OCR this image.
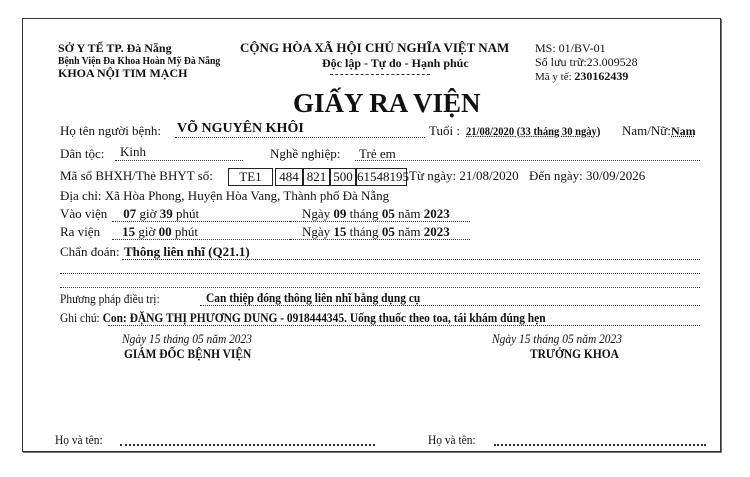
SỞ Y TẾ TP. Đà Nẵng
Bệnh Viện Đa Khoa Hoàn Mỹ Đà Nẵng
KHOA NỘI TIM MẠCH
CỘNG HÒA XÃ HỘI CHỦ NGHĨA VIỆT NAM
Độc lập - Tự do - Hạnh phúc
MS: 01/BV-01
Số lưu trữ:23.009528
Mã y tế: 230162439
GIẤY RA VIỆN
Họ tên người bệnh: VÕ NGUYÊN KHÔI	Tuổi : 21/08/2020 (33 tháng 30 ngày) Nam/Nữ: Nam
Dân tộc: Kinh	Nghề nghiệp: Trẻ em
Mã số BHXH/Thẻ BHYT số:	TE1	484 821 500 61548195 Từ ngày: 21/08/2020 Đến ngày: 30/09/2026
Địa chỉ: Xã Hòa Phong, Huyện Hòa Vang, Thành phố Đà Nẵng
Vào viện 07 giờ 39 phút	Ngày 09 tháng 05 năm 2023
Ra viện 15 giờ 00 phút	Ngày 15 tháng 05 năm 2023
Chẩn đoán: Thông liên nhĩ (Q21.1)
Phương pháp điều trị:	Can thiệp đóng thông liên nhĩ bằng dụng cụ
Ghi chú: Con: ĐẶNG THỊ PHƯƠNG DUNG - 0918444345. Uống thuốc theo toa, tái khám đúng hẹn
Ngày 15 tháng 05 năm 2023
GIÁM ĐỐC BỆNH VIỆN
Ngày 15 tháng 05 năm 2023
TRƯỞNG KHOA
Họ và tên:	Họ và tên:
